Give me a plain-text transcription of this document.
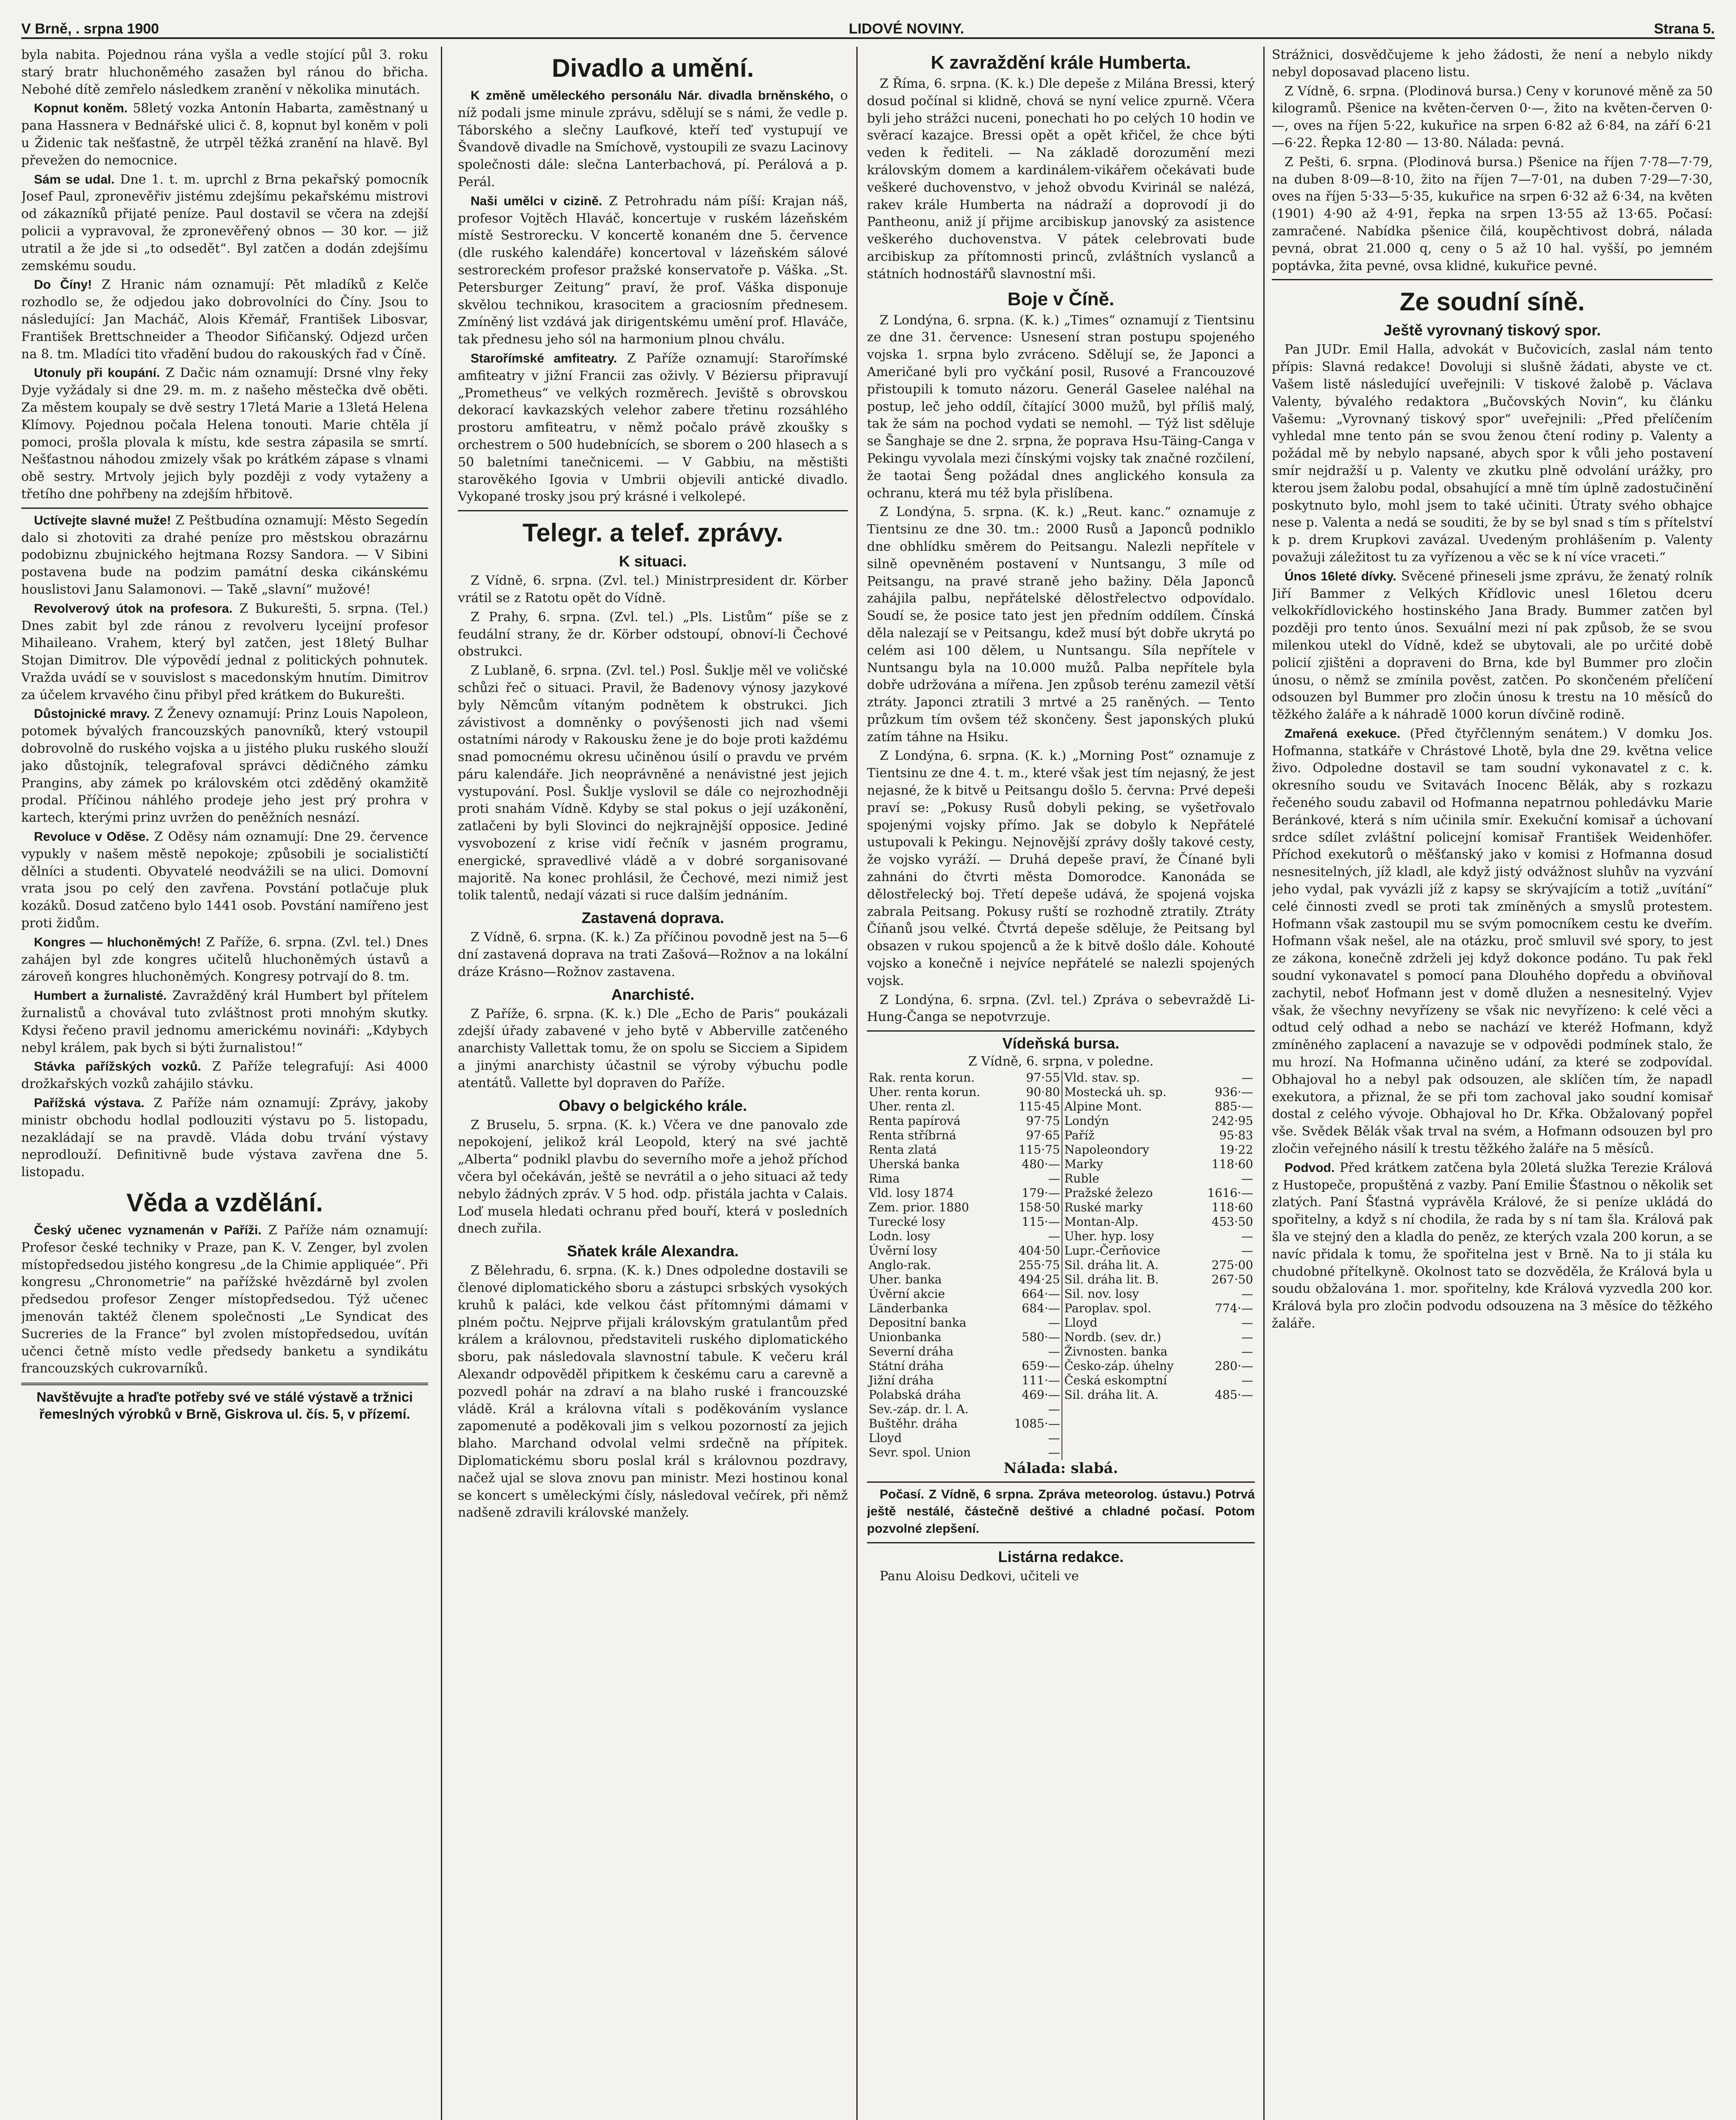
V Brně, . srpna 1900	LIDOVÉ NOVINY.	Strana 5.

byla nabita. Pojednou rána vyšla a vedle stojící půl 3. roku starý bratr hluchoněmého zasažen byl ránou do břicha. Nebohé dítě zemřelo následkem zranění v několika minutách.

Kopnut koněm. 58letý vozka Antonín Habarta, zaměstnaný u pana Hassnera v Bednářské ulici č. 8, kopnut byl koněm v poli u Židenic tak nešťastně, že utrpěl těžká zranění na hlavě. Byl převežen do nemocnice.

Sám se udal. Dne 1. t. m. uprchl z Brna pekařský pomocník Josef Paul, zpronevěřiv jistému zdejšímu pekařskému mistrovi od zákazníků přijaté peníze. Paul dostavil se včera na zdejší policii a vypravoval, že zpronevěřený obnos — 30 kor. — již utratil a že jde si „to odsedět“. Byl zatčen a dodán zdejšímu zemskému soudu.

Do Číny! Z Hranic nám oznamují: Pět mladíků z Kelče rozhodlo se, že odjedou jako dobrovolníci do Číny. Jsou to následující: Jan Macháč, Alois Křemář, František Libosvar, František Brettschneider a Theodor Sifičanský. Odjezd určen na 8. tm. Mladíci tito vřadění budou do rakouských řad v Číně.

Utonuly při koupání. Z Dačic nám oznamují: Drsné vlny řeky Dyje vyžádaly si dne 29. m. m. z našeho městečka dvě oběti. Za městem koupaly se dvě sestry 17letá Marie a 13letá Helena Klímovy. Pojednou počala Helena tonouti. Marie chtěla jí pomoci, prošla plovala k místu, kde sestra zápasila se smrtí. Nešťastnou náhodou zmizely však po krátkém zápase s vlnami obě sestry. Mrtvoly jejich byly později z vody vytaženy a třetího dne pohřbeny na zdejším hřbitově.

Uctívejte slavné muže! Z Peštbudína oznamují: Město Segedín dalo si zhotoviti za drahé peníze pro městskou obrazárnu podobiznu zbujnického hejtmana Rozsy Sandora. — V Sibini postavena bude na podzim památní deska cikánskému houslistovi Janu Salamonovi. — Takě „slavní“ mužové!

Revolverový útok na profesora. Z Bukurešti, 5. srpna. (Tel.) Dnes zabit byl zde ránou z revolveru lyceijní profesor Mihaileano. Vrahem, který byl zatčen, jest 18letý Bulhar Stojan Dimitrov. Dle výpovědí jednal z politických pohnutek. Vražda uvádí se v souvislost s macedonským hnutím. Dimitrov za účelem krvavého činu přibyl před krátkem do Bukurešti.

Důstojnické mravy. Z Ženevy oznamují: Prinz Louis Napoleon, potomek bývalých francouzských panovníků, který vstoupil dobrovolně do ruského vojska a u jistého pluku ruského slouží jako důstojník, telegrafoval správci dědičného zámku Prangins, aby zámek po královském otci zděděný okamžitě prodal. Příčinou náhlého prodeje jeho jest prý prohra v kartech, kterými prinz uvržen do peněžních nesnází.

Revoluce v Oděse. Z Oděsy nám oznamují: Dne 29. července vypukly v našem městě nepokoje; způsobili je socialističtí dělníci a studenti. Obyvatelé neodvážili se na ulici. Domovní vrata jsou po celý den zavřena. Povstání potlačuje pluk kozáků. Dosud zatčeno bylo 1441 osob. Povstání namířeno jest proti židům.

Kongres — hluchoněmých! Z Paříže, 6. srpna. (Zvl. tel.) Dnes zahájen byl zde kongres učitelů hluchoněmých ústavů a zároveň kongres hluchoněmých. Kongresy potrvají do 8. tm.

Humbert a žurnalisté. Zavražděný král Humbert byl přítelem žurnalistů a chovával tuto zvláštnost proti mnohým skutky. Kdysi řečeno pravil jednomu americkému novináři: „Kdybych nebyl králem, pak bych si býti žurnalistou!“

Stávka pařížských vozků. Z Paříže telegrafují: Asi 4000 drožkařských vozků zahájilo stávku.

Pařížská výstava. Z Paříže nám oznamují: Zprávy, jakoby ministr obchodu hodlal podlouziti výstavu po 5. listopadu, nezakládají se na pravdě. Vláda dobu trvání výstavy neprodlouží. Definitivně bude výstava zavřena dne 5. listopadu.

Věda a vzdělání.

Český učenec vyznamenán v Paříži. Z Paříže nám oznamují: Profesor české techniky v Praze, pan K. V. Zenger, byl zvolen místopředsedou jistého kongresu „de la Chimie appliquée“. Při kongresu „Chronometrie“ na pařížské hvězdárně byl zvolen předsedou profesor Zenger místopředsedou. Týž učenec jmenován taktéž členem společnosti „Le Syndicat des Sucreries de la France“ byl zvolen místopředsedou, uvítán učenci četně místo vedle předsedy banketu a syndikátu francouzských cukrovarníků.

Navštěvujte a hraďte potřeby své ve stálé výstavě a tržnici řemeslných výrobků v Brně, Giskrova ul. čís. 5, v přízemí.
Divadlo a umění.

K změně uměleckého personálu Nár. divadla brněnského, o níž podali jsme minule zprávu, sdělují se s námi, že vedle p. Táborského a slečny Laufkové, kteří teď vystupují ve Švandově divadle na Smíchově, vystoupili ze svazu Lacinovy společnosti dále: slečna Lanterbachová, pí. Perálová a p. Perál.

Naši umělci v cizině. Z Petrohradu nám píší: Krajan náš, profesor Vojtěch Hlaváč, koncertuje v ruském lázeňském místě Sestrorecku. V koncertě konaném dne 5. července (dle ruského kalendáře) koncertoval v lázeňském sálové sestroreckém profesor pražské konservatoře p. Váška. „St. Petersburger Zeitung“ praví, že prof. Váška disponuje skvělou technikou, krasocitem a graciosním přednesem. Zmíněný list vzdává jak dirigentskému umění prof. Hlaváče, tak přednesu jeho sól na harmonium plnou chválu.

Starořímské amfiteatry. Z Paříže oznamují: Starořímské amfiteatry v jižní Francii zas oživly. V Béziersu připravují „Prometheus“ ve velkých rozměrech. Jeviště s obrovskou dekorací kavkazských velehor zabere třetinu rozsáhlého prostoru amfiteatru, v němž počalo právě zkoušky s orchestrem o 500 hudebnících, se sborem o 200 hlasech a s 50 baletními tanečnicemi. — V Gabbiu, na městišti starověkého Igovia v Umbrii objevili antické divadlo. Vykopané trosky jsou prý krásné i velkolepé.

Telegr. a telef. zprávy.
K situaci.

Z Vídně, 6. srpna. (Zvl. tel.) Ministrpresident dr. Körber vrátil se z Ratotu opět do Vídně.

Z Prahy, 6. srpna. (Zvl. tel.) „Pls. Listům“ píše se z feudální strany, že dr. Körber odstoupí, obnoví-li Čechové obstrukci.

Z Lublaně, 6. srpna. (Zvl. tel.) Posl. Šuklje měl ve voličské schůzi řeč o situaci. Pravil, že Badenovy výnosy jazykové byly Němcům vítaným podnětem k obstrukci. Jich závistivost a domněnky o povýšenosti jich nad všemi ostatními národy v Rakousku žene je do boje proti každému snad pomocnému okresu učiněnou úsilí o pravdu ve prvém páru kalendáře. Jich neoprávněné a nenávistné jest jejich vystupování. Posl. Šuklje vyslovil se dále co nejrozhodněji proti snahám Vídně. Kdyby se stal pokus o její uzákonění, zatlačeni by byli Slovinci do nejkrajnější opposice. Jediné vysvobození z krise vidí řečník v jasném programu, energické, spravedlivé vládě a v dobré sorganisované majoritě. Na konec prohlásil, že Čechové, mezi nimiž jest tolik talentů, nedají vázati si ruce dalším jednáním.

Zastavená doprava.

Z Vídně, 6. srpna. (K. k.) Za příčinou povodně jest na 5—6 dní zastavená doprava na trati Zašová—Rožnov a na lokální dráze Krásno—Rožnov zastavena.

Anarchisté.

Z Paříže, 6. srpna. (K. k.) Dle „Echo de Paris“ poukázali zdejší úřady zabavené v jeho bytě v Abberville zatčeného anarchisty Vallettak tomu, že on spolu se Sicciem a Sipidem a jinými anarchisty účastnil se výroby výbuchu podle atentátů. Vallette byl dopraven do Paříže.

Obavy o belgického krále.

Z Bruselu, 5. srpna. (K. k.) Včera ve dne panovalo zde nepokojení, jelikož král Leopold, který na své jachtě „Alberta“ podnikl plavbu do severního moře a jehož příchod včera byl očekáván, ještě se nevrátil a o jeho situaci až tedy nebylo žádných zpráv. V 5 hod. odp. přistála jachta v Calais. Loď musela hledati ochranu před bouří, která v posledních dnech zuřila.

Sňatek krále Alexandra.

Z Bělehradu, 6. srpna. (K. k.) Dnes odpoledne dostavili se členové diplomatického sboru a zástupci srbských vysokých kruhů k paláci, kde velkou část přítomnými dámami v plném počtu. Nejprve přijali královským gratulantům před králem a královnou, představiteli ruského diplomatického sboru, pak následovala slavnostní tabule. K večeru král Alexandr odpověděl připitkem k českému caru a carevně a pozvedl pohár na zdraví a na blaho ruské i francouzské vládě. Král a královna vítali s poděkováním vyslance zapomenuté a poděkovali jim s velkou pozorností za jejich blaho. Marchand odvolal velmi srdečně na přípitek. Diplomatickému sboru poslal král s královnou pozdravy, načež ujal se slova znovu pan ministr. Mezi hostinou konal se koncert s uměleckými čísly, následoval večírek, při němž nadšeně zdravili královské manžely.

K zavraždění krále Humberta.

Z Říma, 6. srpna. (K. k.) Dle depeše z Milána Bressi, který dosud počínal si klidně, chová se nyní velice zpurně. Včera byli jeho strážci nuceni, ponechati ho po celých 10 hodin ve svěrací kazajce. Bressi opět a opět křičel, že chce býti veden k řediteli. — Na základě dorozumění mezi královským domem a kardinálem-vikářem očekávati bude veškeré duchovenstvo, v jehož obvodu Kvirinál se nalézá, rakev krále Humberta na nádraží a doprovodí ji do Pantheonu, aniž jí přijme arcibiskup janovský za asistence veškerého duchovenstva. V pátek celebrovati bude arcibiskup za přítomnosti princů, zvláštních vyslanců a státních hodnostářů slavnostní mši.

Boje v Číně.

Z Londýna, 6. srpna. (K. k.) „Times“ oznamují z Tientsinu ze dne 31. července: Usnesení stran postupu spojeného vojska 1. srpna bylo zvráceno. Sdělují se, že Japonci a Američané byli pro vyčkání posil, Rusové a Francouzové přistoupili k tomuto názoru. Generál Gaselee naléhal na postup, leč jeho oddíl, čítající 3000 mužů, byl příliš malý, tak že sám na pochod vydati se nemohl. — Týž list sděluje se Šanghaje se dne 2. srpna, že poprava Hsu-Täing-Canga v Pekingu vyvolala mezi čínskými vojsky tak značné rozčilení, že taotai Šeng požádal dnes anglického konsula za ochranu, která mu též byla přislíbena.

Z Londýna, 5. srpna. (K. k.) „Reut. kanc.“ oznamuje z Tientsinu ze dne 30. tm.: 2000 Rusů a Japonců podniklo dne obhlídku směrem do Peitsangu. Nalezli nepřítele v silně opevněném postavení v Nuntsangu, 3 míle od Peitsangu, na pravé straně jeho bažiny. Děla Japonců zahájila palbu, nepřátelské dělostřelectvo odpovídalo. Soudí se, že posice tato jest jen předním oddílem. Čínská děla nalezají se v Peitsangu, kdež musí být dobře ukrytá po celém asi 100 dělem, u Nuntsangu. Síla nepřítele v Nuntsangu byla na 10.000 mužů. Palba nepřítele byla dobře udržována a mířena. Jen způsob terénu zamezil větší ztráty. Japonci ztratili 3 mrtvé a 25 raněných. — Tento průzkum tím ovšem též skončeny. Šest japonských plukú zatím táhne na Hsiku.

Z Londýna, 6. srpna. (K. k.) „Morning Post“ oznamuje z Tientsinu ze dne 4. t. m., které však jest tím nejasný, že jest nejasné, že k bitvě u Peitsangu došlo 5. června: Prvé depeši praví se: „Pokusy Rusů dobyli peking, se vyšetřovalo spojenými vojsky přímo. Jak se dobylo k Nepřátelé ustupovali k Pekingu. Nejnovější zprávy došly takové cesty, že vojsko vyráží. — Druhá depeše praví, že Čínané byli zahnáni do čtvrti města Domorodce. Kanonáda se dělostřelecký boj. Třetí depeše udává, že spojená vojska zabrala Peitsang. Pokusy ruští se rozhodně ztratily. Ztráty Číňanů jsou velké. Čtvrtá depeše sděluje, že Peitsang byl obsazen v rukou spojenců a že k bitvě došlo dále. Kohouté vojsko a konečně i nejvíce nepřátelé se nalezli spojených vojsk.

Z Londýna, 6. srpna. (Zvl. tel.) Zpráva o sebevraždě Li-Hung-Čanga se nepotvrzuje.

Vídeňská bursa.
Z Vídně, 6. srpna, v poledne.
Rak. renta korun.	97·55	Vld. stav. sp.	—
Uher. renta korun.	90·80	Mostecká uh. sp.	936·—
Uher. renta zl.	115·45	Alpine Mont.	885·—
Renta papírová	97·75	Londýn	242·95
Renta stříbrná	97·65	Paříž	95·83
Renta zlatá	115·75	Napoleondory	19·22
Uherská banka	480·—	Marky	118·60
Rima	—	Ruble	—
Vld. losy 1874	179·—	Pražské železo	1616·—
Zem. prior. 1880	158·50	Ruské marky	118·60
Turecké losy	115·—	Montan-Alp.	453·50
Lodn. losy	—	Uher. hyp. losy	—
Úvěrní losy	404·50	Lupr.-Čerňovice	—
Anglo-rak.	255·75	Sil. dráha lit. A.	275·00
Uher. banka	494·25	Sil. dráha lit. B.	267·50
Úvěrní akcie	664·—	Sil. nov. losy	—
Länderbanka	684·—	Paroplav. spol.	774·—
Depositní banka	—	Lloyd	—
Unionbanka	580·—	Nordb. (sev. dr.)	—
Severní dráha	—	Živnosten. banka	—
Státní dráha	659·—	Česko-záp. úhelny	280·—
Jižní dráha	111·—	Česká eskomptní	—
Polabská dráha	469·—	Sil. dráha lit. A.	485·—
Sev.-záp. dr. l. A.	—		
Buštěhr. dráha	1085·—		
Lloyd	—		
Sevr. spol. Union	—		
Nálada: slabá.

Počasí. Z Vídně, 6 srpna. Zpráva meteorolog. ústavu.) Potrvá ještě nestálé, částečně deštivé a chladné počasí. Potom pozvolné zlepšení.

Listárna redakce.

Panu Aloisu Dedkovi, učiteli ve

Strážnici, dosvědčujeme k jeho žádosti, že není a nebylo nikdy nebyl doposavad placeno listu.

Z Vídně, 6. srpna. (Plodinová bursa.) Ceny v korunové měně za 50 kilogramů. Pšenice na květen-červen 0·—, žito na květen-červen 0·—, oves na říjen 5·22, kukuřice na srpen 6·82 až 6·84, na září 6·21—6·22. Řepka 12·80 — 13·80. Nálada: pevná.

Z Pešti, 6. srpna. (Plodinová bursa.) Pšenice na říjen 7·78—7·79, na duben 8·09—8·10, žito na říjen 7—7·01, na duben 7·29—7·30, oves na říjen 5·33—5·35, kukuřice na srpen 6·32 až 6·34, na květen (1901) 4·90 až 4·91, řepka na srpen 13·55 až 13·65. Počasí: zamračené. Nabídka pšenice čilá, koupěchtivost dobrá, nálada pevná, obrat 21.000 q, ceny o 5 až 10 hal. vyšší, po jemném poptávka, žita pevné, ovsa klidné, kukuřice pevné.

Ze soudní síně.
Ještě vyrovnaný tiskový spor.

Pan JUDr. Emil Halla, advokát v Bučovicích, zaslal nám tento přípis: Slavná redakce! Dovoluji si slušně žádati, abyste ve ct. Vašem listě následující uveřejnili: V tiskové žalobě p. Václava Valenty, bývalého redaktora „Bučovských Novin“, ku článku Vašemu: „Vyrovnaný tiskový spor“ uveřejnili: „Před přelíčením vyhledal mne tento pán se svou ženou čtení rodiny p. Valenty a požádal mě by nebylo napsané, abych spor k vůli jeho postavení smír nejdražší u p. Valenty ve zkutku plně odvolání urážky, pro kterou jsem žalobu podal, obsahující a mně tím úplně zadostučinění poskytnuto bylo, mohl jsem to také učiniti. Útraty svého obhajce nese p. Valenta a nedá se souditi, že by se byl snad s tím s přítelství k p. drem Krupkovi zavázal. Uvedeným prohlášením p. Valenty považuji záležitost tu za vyřízenou a věc se k ní více vraceti.“

Únos 16leté dívky. Svěcené přineseli jsme zprávu, že ženatý rolník Jiří Bammer z Velkých Křídlovic unesl 16letou dceru velkokřídlovického hostinského Jana Brady. Bummer zatčen byl později pro tento únos. Sexuální mezi ní pak způsob, že se svou milenkou utekl do Vídně, kdež se ubytovali, ale po určité době policií zjištěni a dopraveni do Brna, kde byl Bummer pro zločin únosu, o němž se zmínila pověst, zatčen. Po skončeném přelíčení odsouzen byl Bummer pro zločin únosu k trestu na 10 měsíců do těžkého žaláře a k náhradě 1000 korun dívčině rodině.

Zmařená exekuce. (Před čtyřčlenným senátem.) V domku Jos. Hofmanna, statkáře v Chrástové Lhotě, byla dne 29. května velice živo. Odpoledne dostavil se tam soudní vykonavatel z c. k. okresního soudu ve Svitavách Inocenc Bělák, aby s rozkazu řečeného soudu zabavil od Hofmanna nepatrnou pohledávku Marie Beránkové, která s ním učinila smír. Exekuční komisař a úchovaní srdce sdílet zvláštní policejní komisař František Weidenhöfer. Příchod exekutorů o měšťanský jako v komisi z Hofmanna dosud nesnesitelných, jíž kladl, ale když jistý odvážnost sluhův na vyzvání jeho vydal, pak vyvázli jíž z kapsy se skrývajícím a totiž „uvítání“ celé činnosti zvedl se proti tak zmíněných a smyslů protestem. Hofmann však zastoupil mu se svým pomocníkem cestu ke dveřím. Hofmann však nešel, ale na otázku, proč smluvil své spory, to jest ze zákona, konečně zdrželi jej když dokonce podáno. Tu pak řekl soudní vykonavatel s pomocí pana Dlouhého dopředu a obviňoval zachytil, neboť Hofmann jest v domě dlužen a nesnesitelný. Vyjev však, že všechny nevyřízeny se však nic nevyřízeno: k celé věci a odtud celý odhad a nebo se nachází ve kteréž Hofmann, když zmíněného zaplacení a navazuje se v odpovědi podmínek stalo, že mu hrozí. Na Hofmanna učiněno udání, za které se zodpovídal. Obhajoval ho a nebyl pak odsouzen, ale sklíčen tím, že napadl exekutora, a přiznal, že se při tom zachoval jako soudní komisař dostal z celého vývoje. Obhajoval ho Dr. Křka. Obžalovaný popřel vše. Svědek Bělák však trval na svém, a Hofmann odsouzen byl pro zločin veřejného násilí k trestu těžkého žaláře na 5 měsíců.

Podvod. Před krátkem zatčena byla 20letá služka Terezie Králová z Hustopeče, propuštěná z vazby. Paní Emilie Šťastnou o několik set zlatých. Paní Šťastná vyprávěla Králové, že si peníze ukládá do spořitelny, a když s ní chodila, že rada by s ní tam šla. Králová pak šla ve stejný den a kladla do peněz, ze kterých vzala 200 korun, a se navíc přidala k tomu, že spořitelna jest v Brně. Na to ji stála ku chudobné přítelkyně. Okolnost tato se dozvěděla, že Králová byla u soudu obžalována 1. mor. spořitelny, kde Králová vyzvedla 200 kor. Králová byla pro zločin podvodu odsouzena na 3 měsíce do těžkého žaláře.
